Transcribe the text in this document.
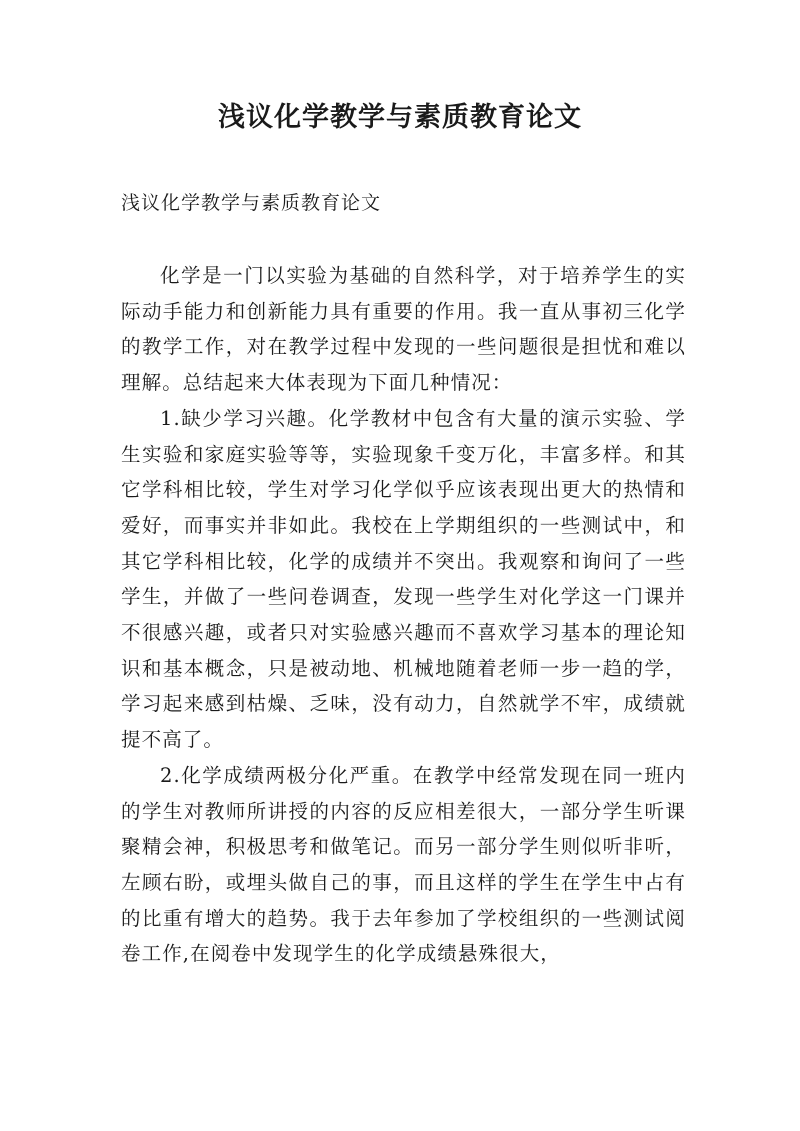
浅议化学教学与素质教育论文

浅议化学教学与素质教育论文

化学是一门以实验为基础的自然科学，对于培养学生的实际动手能力和创新能力具有重要的作用。我一直从事初三化学的教学工作，对在教学过程中发现的一些问题很是担忧和难以理解。总结起来大体表现为下面几种情况：

1.缺少学习兴趣。化学教材中包含有大量的演示实验、学生实验和家庭实验等等，实验现象千变万化，丰富多样。和其它学科相比较，学生对学习化学似乎应该表现出更大的热情和爱好，而事实并非如此。我校在上学期组织的一些测试中，和其它学科相比较，化学的成绩并不突出。我观察和询问了一些学生，并做了一些问卷调查，发现一些学生对化学这一门课并不很感兴趣，或者只对实验感兴趣而不喜欢学习基本的理论知识和基本概念，只是被动地、机械地随着老师一步一趋的学，学习起来感到枯燥、乏味，没有动力，自然就学不牢，成绩就提不高了。

2.化学成绩两极分化严重。在教学中经常发现在同一班内的学生对教师所讲授的内容的反应相差很大，一部分学生听课聚精会神，积极思考和做笔记。而另一部分学生则似听非听，左顾右盼，或埋头做自己的事，而且这样的学生在学生中占有的比重有增大的趋势。我于去年参加了学校组织的一些测试阅卷工作,在阅卷中发现学生的化学成绩悬殊很大，
